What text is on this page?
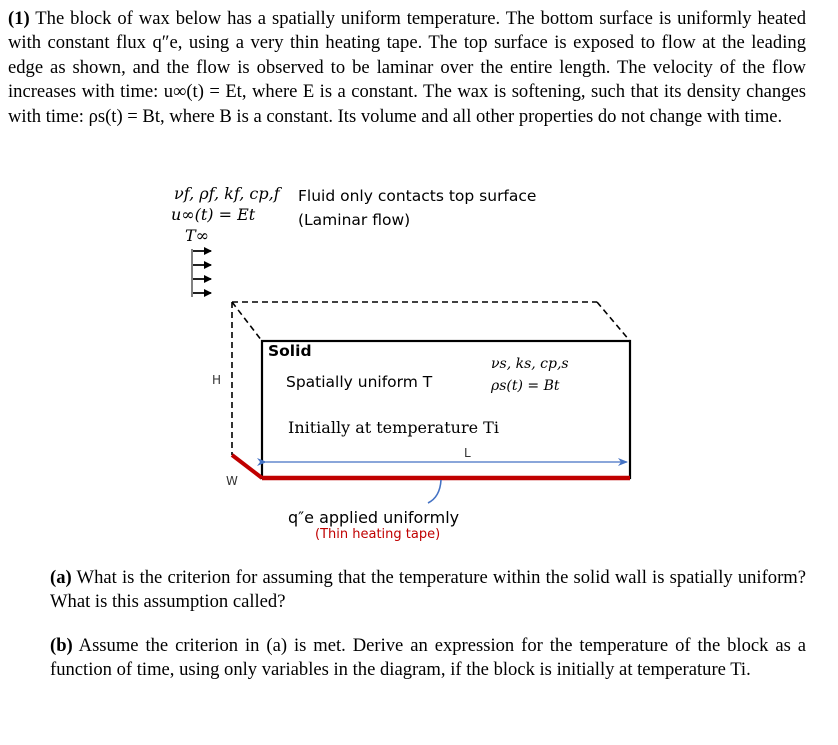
(1) The block of wax below has a spatially uniform temperature. The bottom surface is uniformly heated with constant flux q″e, using a very thin heating tape. The top surface is exposed to flow at the leading edge as shown, and the flow is observed to be laminar over the entire length. The velocity of the flow increases with time: u∞(t) = Et, where E is a constant. The wax is softening, such that its density changes with time: ρs(t) = Bt, where B is a constant. Its volume and all other properties do not change with time.
νf, ρf, kf, cp,f
u∞(t) = Et
T∞
Fluid only contacts top surface
(Laminar flow)
Solid
Spatially uniform T
νs, ks, cp,s
ρs(t) = Bt
Initially at temperature Ti
H
L
W
q″e applied uniformly
(Thin heating tape)
(a) What is the criterion for assuming that the temperature within the solid wall is spatially uniform? What is this assumption called?
(b) Assume the criterion in (a) is met. Derive an expression for the temperature of the block as a function of time, using only variables in the diagram, if the block is initially at temperature Ti.
